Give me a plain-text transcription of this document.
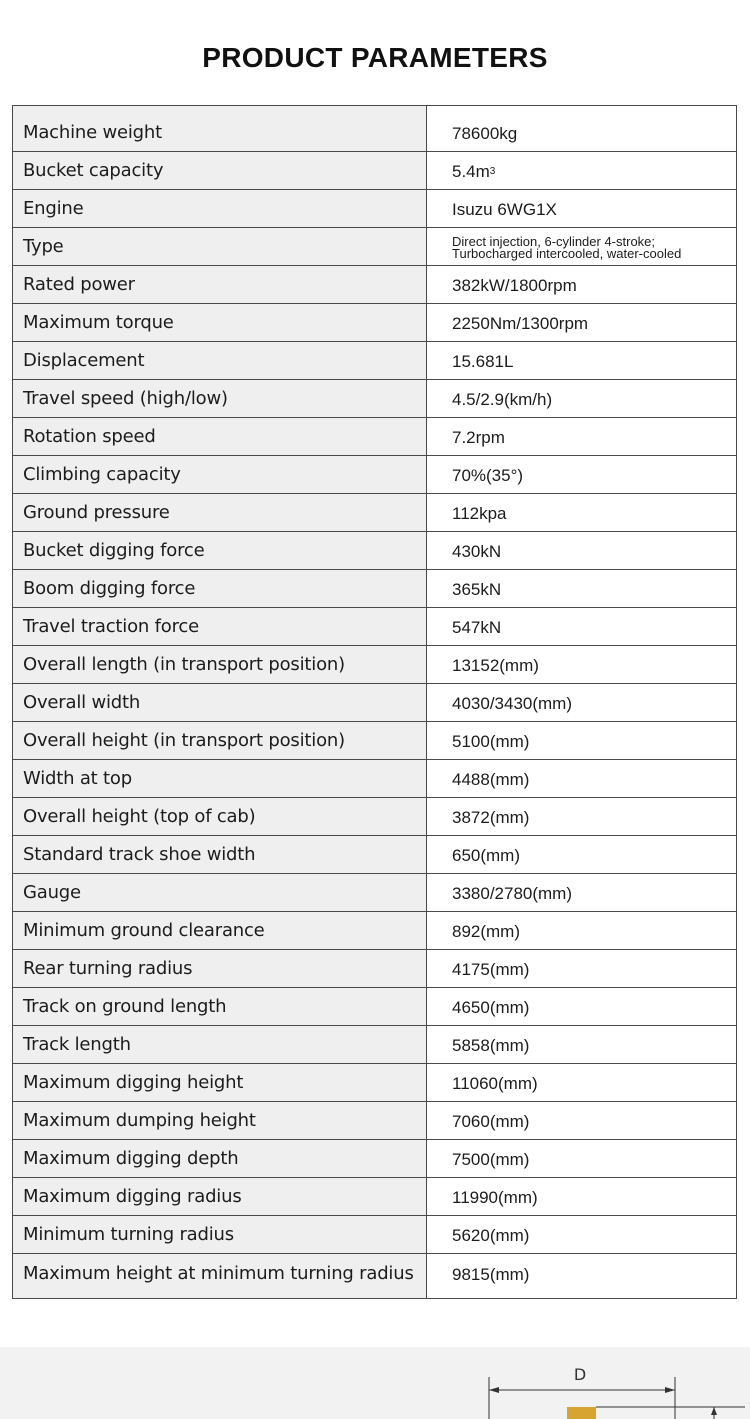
PRODUCT PARAMETERS
Machine weight	78600kg
Bucket capacity	5.4m 3
Engine	Isuzu 6WG1X
Type	Direct injection, 6-cylinder 4-stroke;
Turbocharged intercooled, water-cooled
Rated power	382kW/1800rpm
Maximum torque	2250Nm/1300rpm
Displacement	15.681L
Travel speed (high/low)	4.5/2.9(km/h)
Rotation speed	7.2rpm
Climbing capacity	70%(35°)
Ground pressure	112kpa
Bucket digging force	430kN
Boom digging force	365kN
Travel traction force	547kN
Overall length (in transport position)	13152(mm)
Overall width	4030/3430(mm)
Overall height (in transport position)	5100(mm)
Width at top	4488(mm)
Overall height (top of cab)	3872(mm)
Standard track shoe width	650(mm)
Gauge	3380/2780(mm)
Minimum ground clearance	892(mm)
Rear turning radius	4175(mm)
Track on ground length	4650(mm)
Track length	5858(mm)
Maximum digging height	11060(mm)
Maximum dumping height	7060(mm)
Maximum digging depth	7500(mm)
Maximum digging radius	11990(mm)
Minimum turning radius	5620(mm)
Maximum height at minimum turning radius	9815(mm)
D
